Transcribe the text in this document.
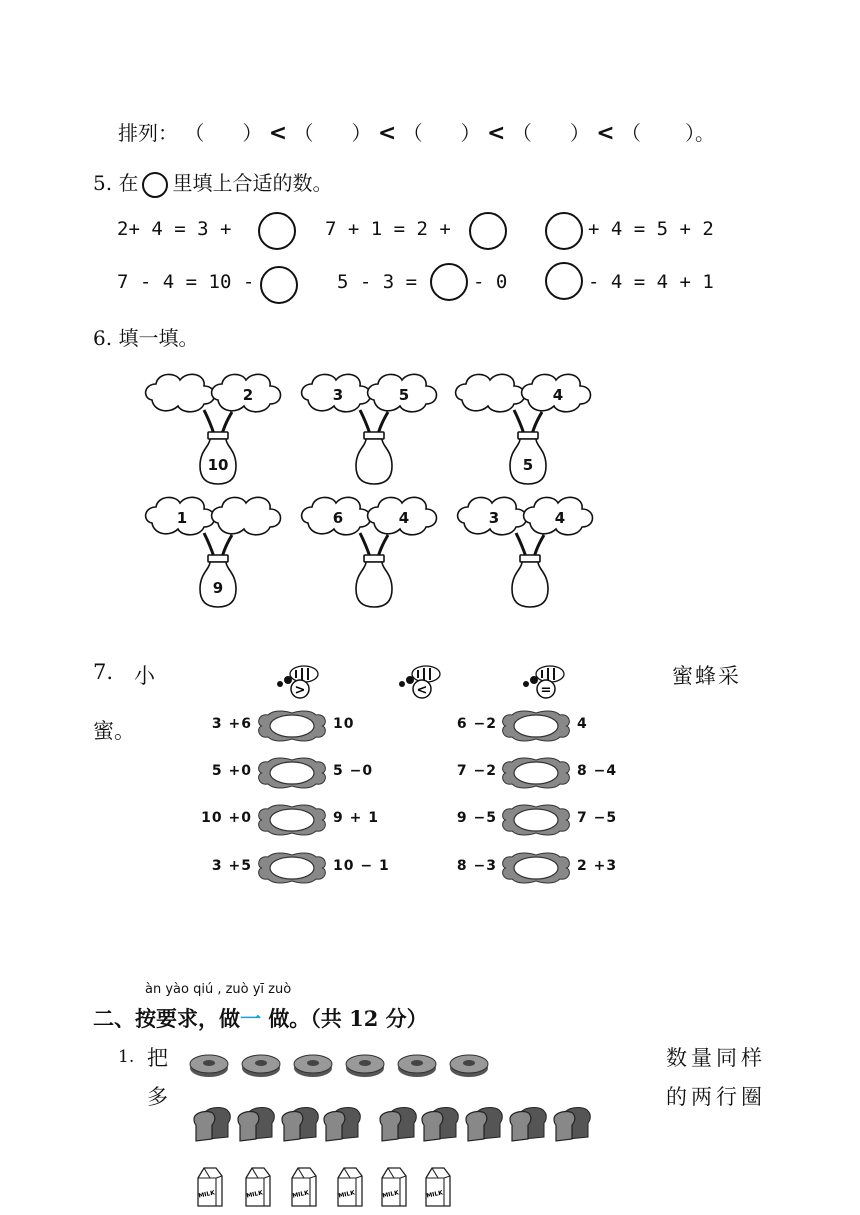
排列： （ ） < （ ） < （ ） < （ ） < （ ）。
5. 在 里填上合适的数。
2+ 4 = 3 +	7 + 1 = 2 +	+ 4 = 5 + 2
7 - 4 = 10 -	5 - 3 =	- 0	- 4 = 4 + 1
6. 填一填。
2
10
3	5	4
5
1
9
6	4	3	4
7. 小	蜜蜂采
蜜。
>	<	=
3 +6	10
5 +0	5 −0
10 +0	9 + 1
3 +5	10 − 1
6 −2	4
7 −2	8 −4
9 −5	7 −5
8 −3	2 +3
àn yào qiú , zuò yī zuò
二、按要求，做一 做。（共 12 分）
1. 把
多
数量同样
的两行圈
MILK	MILK	MILK	MILK	MILK	MILK
